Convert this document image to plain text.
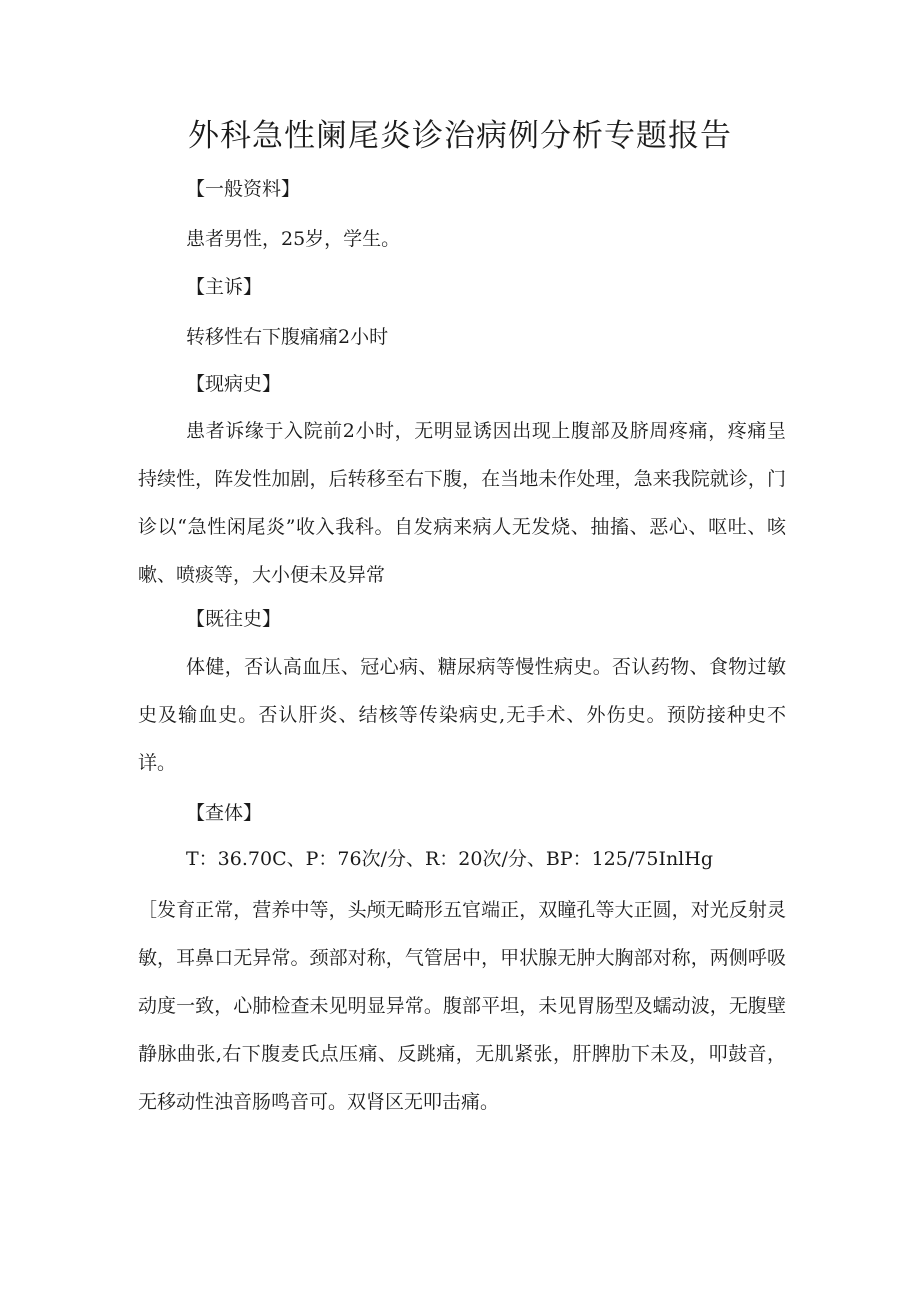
外科急性阑尾炎诊治病例分析专题报告

【一般资料】

患者男性，25岁，学生。

【主诉】

转移性右下腹痛痛2小时

【现病史】

患者诉缘于入院前2小时，无明显诱因出现上腹部及脐周疼痛，疼痛呈持续性，阵发性加剧，后转移至右下腹，在当地未作处理，急来我院就诊，门诊以“急性闲尾炎”收入我科。自发病来病人无发烧、抽搐、恶心、呕吐、咳嗽、喷痰等，大小便未及异常

【既往史】

体健，否认高血压、冠心病、糖尿病等慢性病史。否认药物、食物过敏史及输血史。否认肝炎、结核等传染病史,无手术、外伤史。预防接种史不详。

【查体】

T：36.70C、P：76次/分、R：20次/分、BP：125/75InlHg

［发育正常，营养中等，头颅无畸形五官端正，双瞳孔等大正圆，对光反射灵敏，耳鼻口无异常。颈部对称，气管居中，甲状腺无肿大胸部对称，两侧呼吸动度一致，心肺检查未见明显异常。腹部平坦，未见胃肠型及蠕动波，无腹壁静脉曲张,右下腹麦氏点压痛、反跳痛，无肌紧张，肝脾肋下未及，叩鼓音，无移动性浊音肠鸣音可。双肾区无叩击痛。
